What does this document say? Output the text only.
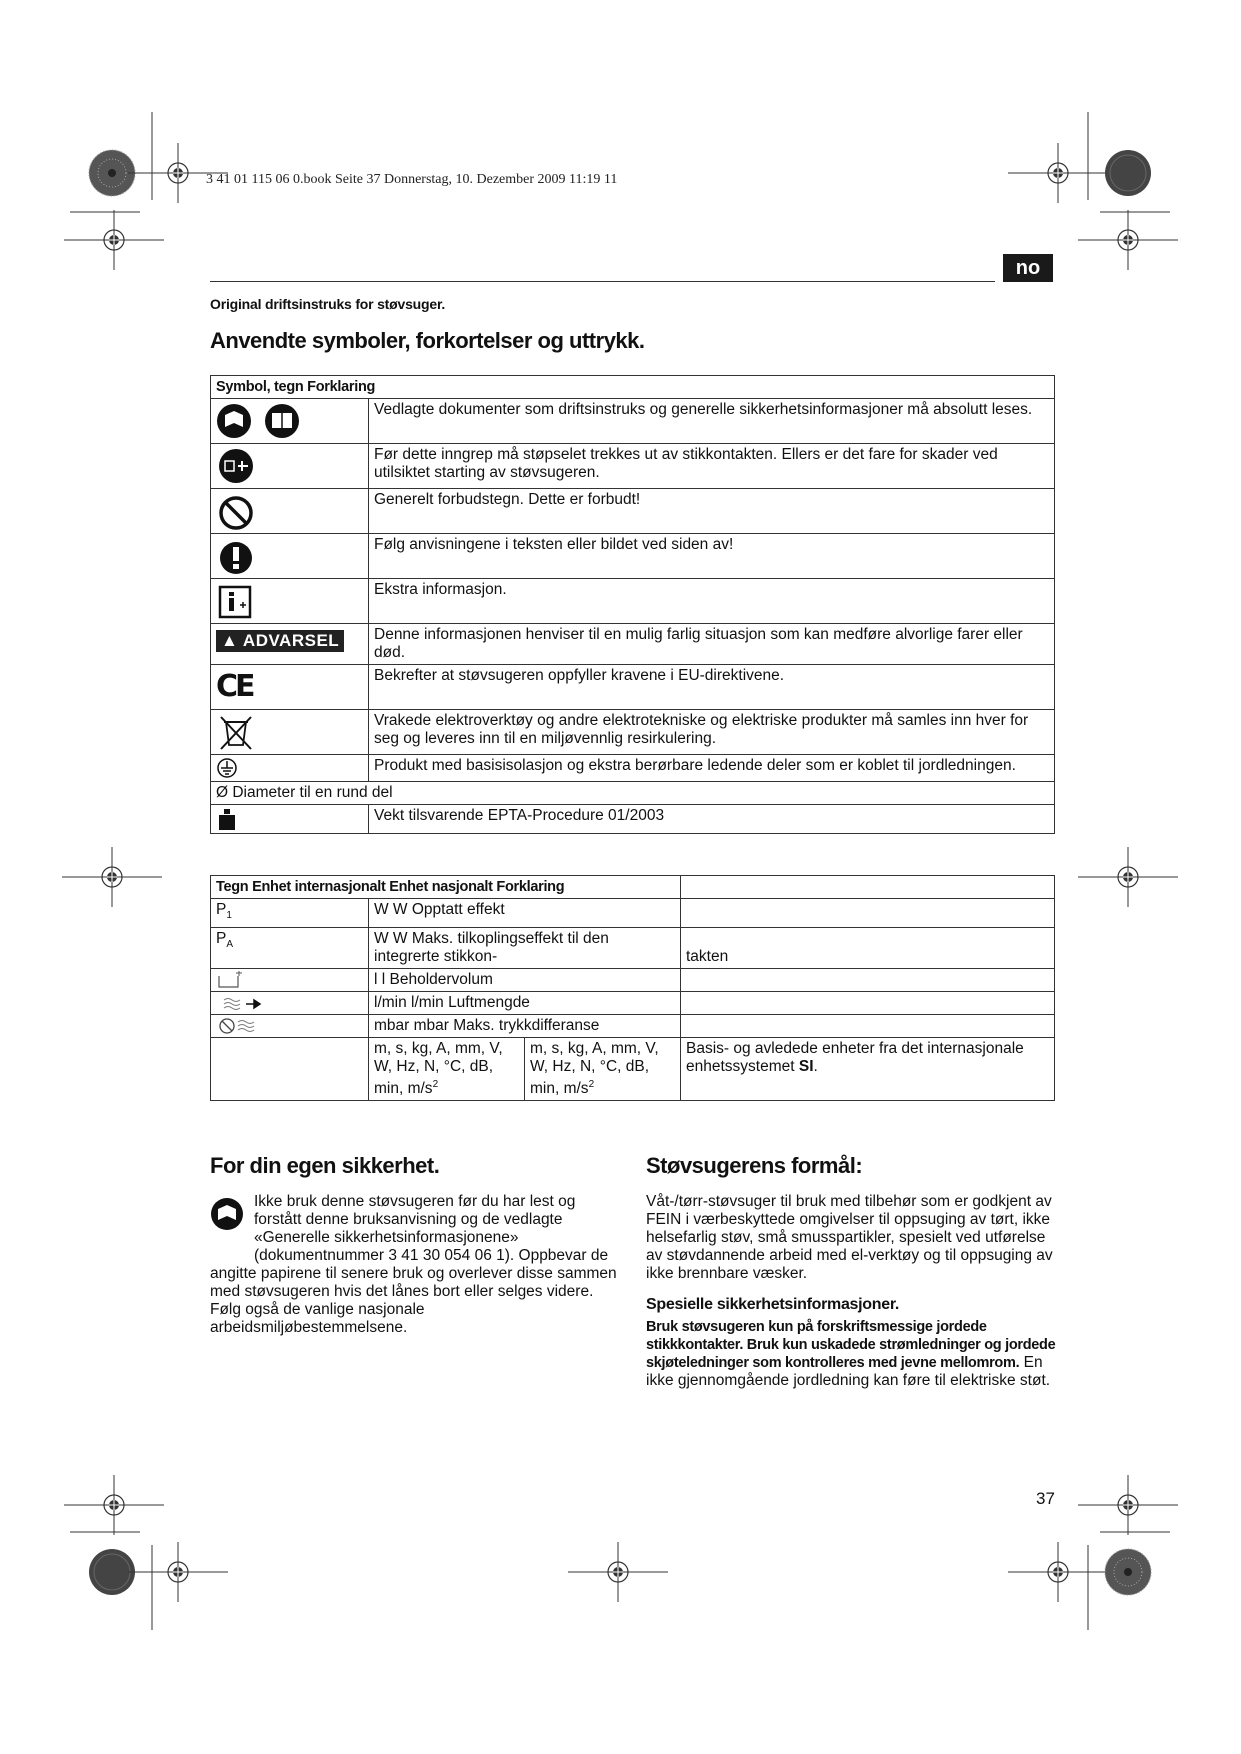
3 41 01 115 06 0.book Seite 37 Donnerstag, 10. Dezember 2009 11:19 11
no
Original driftsinstruks for støvsuger.
Anvendte symboler, forkortelser og uttrykk.
Symbol, tegn Forklaring	
	Vedlagte dokumenter som driftsinstruks og generelle sikkerhetsinformasjoner må absolutt leses.
	Før dette inngrep må støpselet trekkes ut av stikkontakten. Ellers er det fare for skader ved utilsiktet starting av støvsugeren.
	Generelt forbudstegn. Dette er forbudt!
	Følg anvisningene i teksten eller bildet ved siden av!
	Ekstra informasjon.
▲ ADVARSEL	Denne informasjonen henviser til en mulig farlig situasjon som kan medføre alvorlige farer eller død.
CE	Bekrefter at støvsugeren oppfyller kravene i EU-direktivene.
	Vrakede elektroverktøy og andre elektrotekniske og elektriske produkter må samles inn hver for seg og leveres inn til en miljøvennlig resirkulering.
	Produkt med basisisolasjon og ekstra berørbare ledende deler som er koblet til jordledningen.
Ø Diameter til en rund del	
	Vekt tilsvarende EPTA-Procedure 01/2003
Tegn Enhet internasjonalt Enhet nasjonalt Forklaring			
$P_1$	W W Opptatt effekt		
$P_A$	W W Maks. tilkoplingseffekt til den integrerte stikkon-		takten
	l l Beholdervolum		
	l/min l/min Luftmengde		
	mbar mbar Maks. trykkdifferanse		
	m, s, kg, A, mm, V, W, Hz, N, °C, dB, min, $m/s^2$	m, s, kg, A, mm, V, W, Hz, N, °C, dB, min, $m/s^2$	Basis- og avledede enheter fra det internasjonale enhetssystemet SI.
For din egen sikkerhet.
Ikke bruk denne støvsugeren før du har lest og forstått denne bruksanvisning og de vedlagte «Generelle sikkerhetsinformasjonene» (dokumentnummer 3 41 30 054 06 1). Oppbevar de angitte papirene til senere bruk og overlever disse sammen med støvsugeren hvis det lånes bort eller selges videre.
Følg også de vanlige nasjonale arbeidsmiljøbestemmelsene.
Støvsugerens formål:
Våt-/tørr-støvsuger til bruk med tilbehør som er godkjent av FEIN i værbeskyttede omgivelser til oppsuging av tørt, ikke helsefarlig støv, små smusspartikler, spesielt ved utførelse av støvdannende arbeid med el-verktøy og til oppsuging av ikke brennbare væsker.
Spesielle sikkerhetsinformasjoner.
Bruk støvsugeren kun på forskriftsmessige jordede stikkkontakter. Bruk kun uskadede strømledninger og jordede skjøteledninger som kontrolleres med jevne mellomrom. En ikke gjennomgående jordledning kan føre til elektriske støt.
37
